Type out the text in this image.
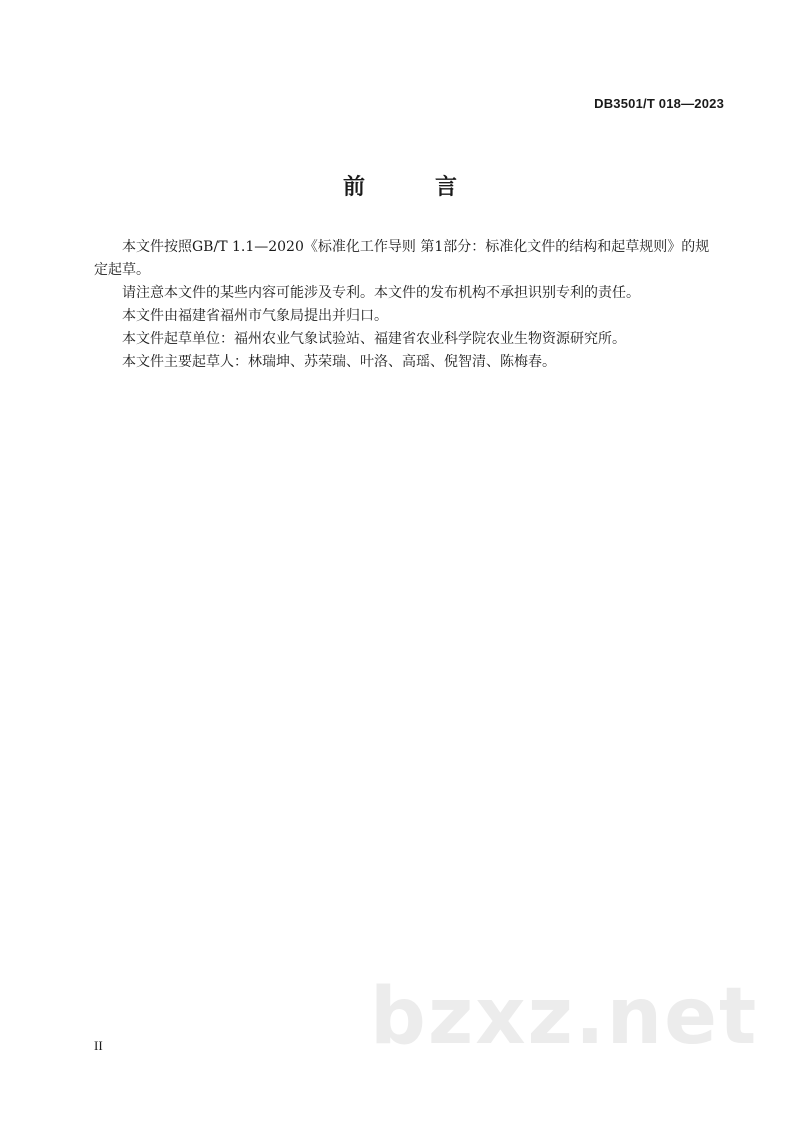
DB3501/T 018—2023
前　言

本文件按照GB/T 1.1—2020《标准化工作导则 第1部分：标准化文件的结构和起草规则》的规定起草。

请注意本文件的某些内容可能涉及专利。本文件的发布机构不承担识别专利的责任。

本文件由福建省福州市气象局提出并归口。

本文件起草单位：福州农业气象试验站、福建省农业科学院农业生物资源研究所。

本文件主要起草人：林瑞坤、苏荣瑞、叶洛、高瑶、倪智清、陈梅春。

II	bzxz.net
